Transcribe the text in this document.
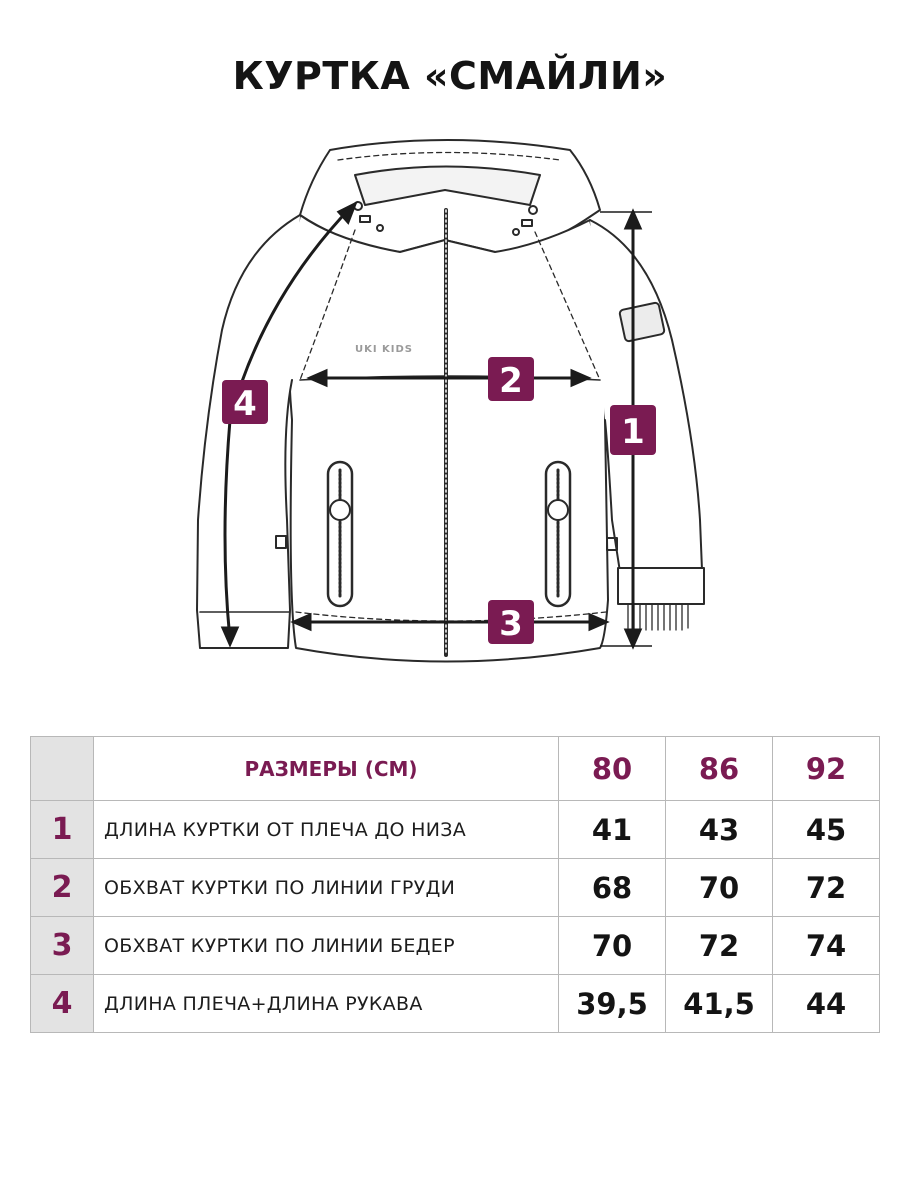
КУРТКА «СМАЙЛИ»
UKI KIDS
1
2
3
4

	РАЗМЕРЫ (СМ)	80	86	92
1	ДЛИНА КУРТКИ ОТ ПЛЕЧА ДО НИЗА	41	43	45
2	ОБХВАТ КУРТКИ ПО ЛИНИИ ГРУДИ	68	70	72
3	ОБХВАТ КУРТКИ ПО ЛИНИИ БЕДЕР	70	72	74
4	ДЛИНА ПЛЕЧА+ДЛИНА РУКАВА	39,5	41,5	44
